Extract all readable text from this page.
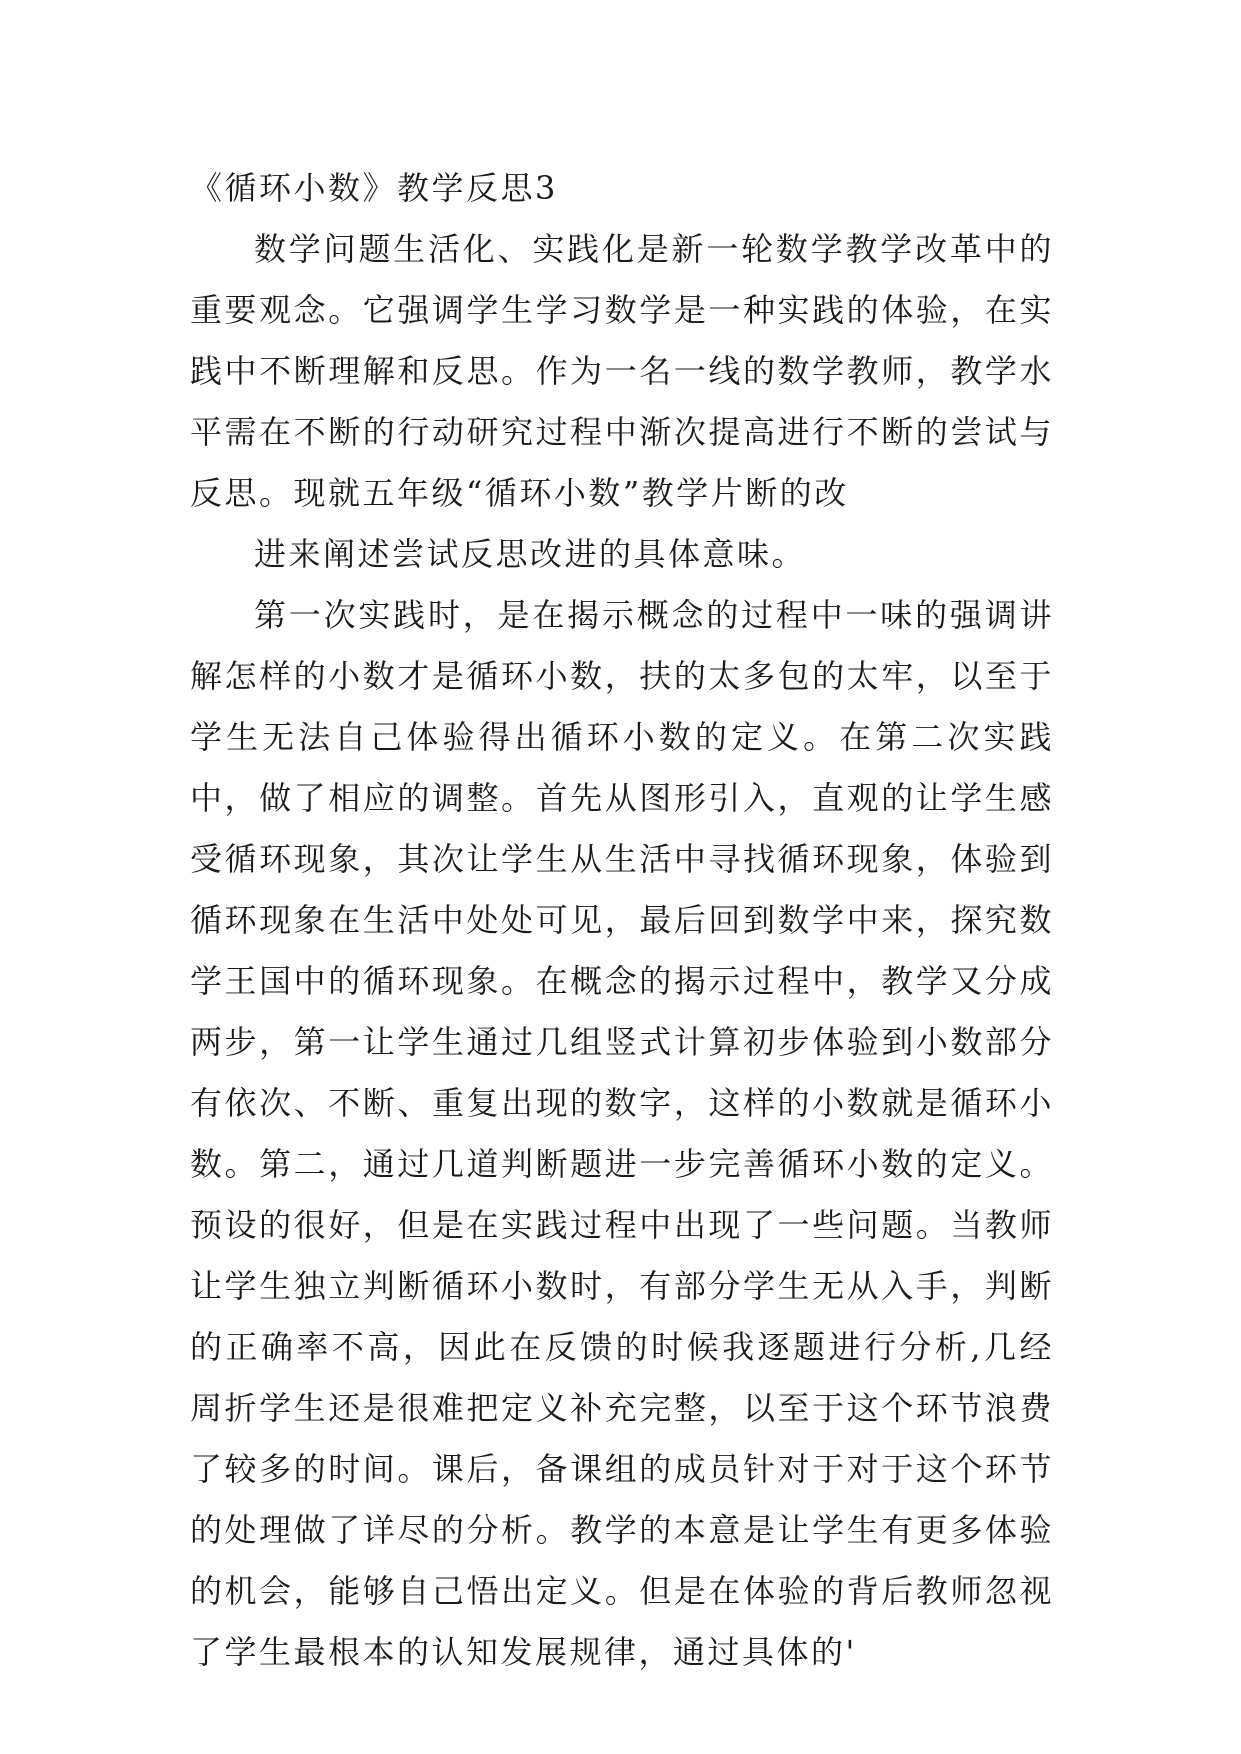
《循环小数》教学反思3

数学问题生活化、实践化是新一轮数学教学改革中的重要观念。它强调学生学习数学是一种实践的体验，在实践中不断理解和反思。作为一名一线的数学教师，教学水平需在不断的行动研究过程中渐次提高进行不断的尝试与反思。现就五年级“循环小数”教学片断的改

进来阐述尝试反思改进的具体意味。

第一次实践时，是在揭示概念的过程中一味的强调讲解怎样的小数才是循环小数，扶的太多包的太牢，以至于学生无法自己体验得出循环小数的定义。在第二次实践中，做了相应的调整。首先从图形引入，直观的让学生感受循环现象，其次让学生从生活中寻找循环现象，体验到循环现象在生活中处处可见，最后回到数学中来，探究数学王国中的循环现象。在概念的揭示过程中，教学又分成两步，第一让学生通过几组竖式计算初步体验到小数部分有依次、不断、重复出现的数字，这样的小数就是循环小数。第二，通过几道判断题进一步完善循环小数的定义。预设的很好，但是在实践过程中出现了一些问题。当教师让学生独立判断循环小数时，有部分学生无从入手，判断的正确率不高，因此在反馈的时候我逐题进行分析,几经周折学生还是很难把定义补充完整，以至于这个环节浪费了较多的时间。课后，备课组的成员针对于对于这个环节的处理做了详尽的分析。教学的本意是让学生有更多体验的机会，能够自己悟出定义。但是在体验的背后教师忽视了学生最根本的认知发展规律，通过具体的'
